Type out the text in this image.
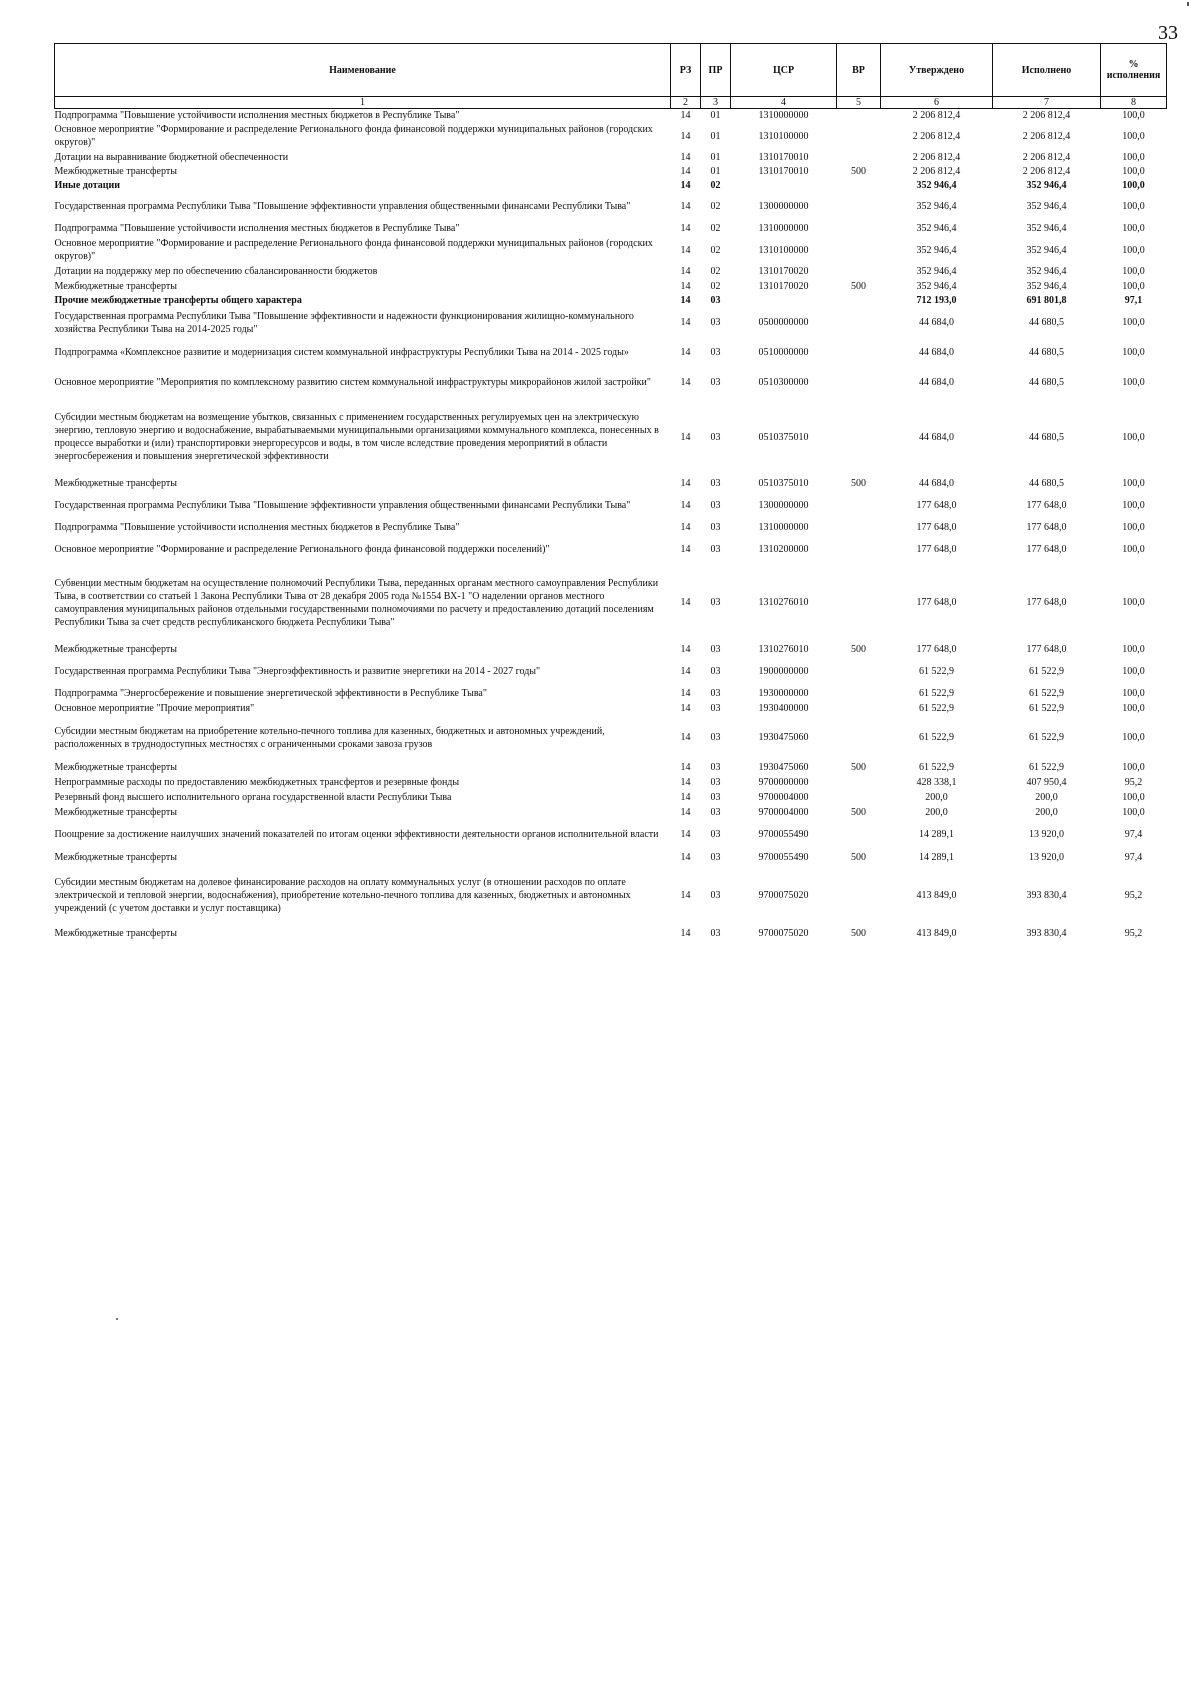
33
Наименование	РЗ	ПР	ЦСР	ВР	Утверждено	Исполнено	% исполнения
1	2	3	4	5	6	7	8
Подпрограмма "Повышение устойчивости исполнения местных бюджетов в Республике Тыва"	14	01	1310000000		2 206 812,4	2 206 812,4	100,0
Основное мероприятие "Формирование и распределение Регионального фонда финансовой поддержки муниципальных районов (городских округов)"	14	01	1310100000		2 206 812,4	2 206 812,4	100,0
Дотации на выравнивание бюджетной обеспеченности	14	01	1310170010		2 206 812,4	2 206 812,4	100,0
Межбюджетные трансферты	14	01	1310170010	500	2 206 812,4	2 206 812,4	100,0
Иные дотации	14	02			352 946,4	352 946,4	100,0
Государственная программа Республики Тыва "Повышение эффективности управления общественными финансами Республики Тыва"	14	02	1300000000		352 946,4	352 946,4	100,0
Подпрограмма "Повышение устойчивости исполнения местных бюджетов в Республике Тыва"	14	02	1310000000		352 946,4	352 946,4	100,0
Основное мероприятие "Формирование и распределение Регионального фонда финансовой поддержки муниципальных районов (городских округов)"	14	02	1310100000		352 946,4	352 946,4	100,0
Дотации на поддержку мер по обеспечению сбалансированности бюджетов	14	02	1310170020		352 946,4	352 946,4	100,0
Межбюджетные трансферты	14	02	1310170020	500	352 946,4	352 946,4	100,0
Прочие межбюджетные трансферты общего характера	14	03			712 193,0	691 801,8	97,1
Государственная программа Республики Тыва "Повышение эффективности и надежности функционирования жилищно-коммунального хозяйства Республики Тыва на 2014-2025 годы"	14	03	0500000000		44 684,0	44 680,5	100,0
Подпрограмма «Комплексное развитие и модернизация систем коммунальной инфраструктуры Республики Тыва на 2014 - 2025 годы»	14	03	0510000000		44 684,0	44 680,5	100,0
Основное мероприятие "Мероприятия по комплексному развитию систем коммунальной инфраструктуры микрорайонов жилой застройки"	14	03	0510300000		44 684,0	44 680,5	100,0
Субсидии местным бюджетам на возмещение убытков, связанных с применением государственных регулируемых цен на электрическую энергию, тепловую энергию и водоснабжение, вырабатываемыми муниципальными организациями коммунального комплекса, понесенных в процессе выработки и (или) транспортировки энергоресурсов и воды, в том числе вследствие проведения мероприятий в области энергосбережения и повышения энергетической эффективности	14	03	0510375010		44 684,0	44 680,5	100,0
Межбюджетные трансферты	14	03	0510375010	500	44 684,0	44 680,5	100,0
Государственная программа Республики Тыва "Повышение эффективности управления общественными финансами Республики Тыва"	14	03	1300000000		177 648,0	177 648,0	100,0
Подпрограмма "Повышение устойчивости исполнения местных бюджетов в Республике Тыва"	14	03	1310000000		177 648,0	177 648,0	100,0
Основное мероприятие "Формирование и распределение Регионального фонда финансовой поддержки поселений)"	14	03	1310200000		177 648,0	177 648,0	100,0
Субвенции местным бюджетам на осуществление полномочий Республики Тыва, переданных органам местного самоуправления Республики Тыва, в соответствии со статьей 1 Закона Республики Тыва от 28 декабря 2005 года №1554 ВХ-1 "О наделении органов местного самоуправления муниципальных районов отдельными государственными полномочиями по расчету и предоставлению дотаций поселениям Республики Тыва за счет средств республиканского бюджета Республики Тыва"	14	03	1310276010		177 648,0	177 648,0	100,0
Межбюджетные трансферты	14	03	1310276010	500	177 648,0	177 648,0	100,0
Государственная программа Республики Тыва "Энергоэффективность и развитие энергетики на 2014 - 2027 годы"	14	03	1900000000		61 522,9	61 522,9	100,0
Подпрограмма "Энергосбережение и повышение энергетической эффективности в Республике Тыва"	14	03	1930000000		61 522,9	61 522,9	100,0
Основное мероприятие "Прочие мероприятия"	14	03	1930400000		61 522,9	61 522,9	100,0
Субсидии местным бюджетам на приобретение котельно-печного топлива для казенных, бюджетных и автономных учреждений, расположенных в труднодоступных местностях с ограниченными сроками завоза грузов	14	03	1930475060		61 522,9	61 522,9	100,0
Межбюджетные трансферты	14	03	1930475060	500	61 522,9	61 522,9	100,0
Непрограммные расходы по предоставлению межбюджетных трансфертов и резервные фонды	14	03	9700000000		428 338,1	407 950,4	95,2
Резервный фонд высшего исполнительного органа государственной власти Республики Тыва	14	03	9700004000		200,0	200,0	100,0
Межбюджетные трансферты	14	03	9700004000	500	200,0	200,0	100,0
Поощрение за достижение наилучших значений показателей по итогам оценки эффективности деятельности органов исполнительной власти	14	03	9700055490		14 289,1	13 920,0	97,4
Межбюджетные трансферты	14	03	9700055490	500	14 289,1	13 920,0	97,4
Субсидии местным бюджетам на долевое финансирование расходов на оплату коммунальных услуг (в отношении расходов по оплате электрической и тепловой энергии, водоснабжения), приобретение котельно-печного топлива для казенных, бюджетных и автономных учреждений (с учетом доставки и услуг поставщика)	14	03	9700075020		413 849,0	393 830,4	95,2
Межбюджетные трансферты	14	03	9700075020	500	413 849,0	393 830,4	95,2
